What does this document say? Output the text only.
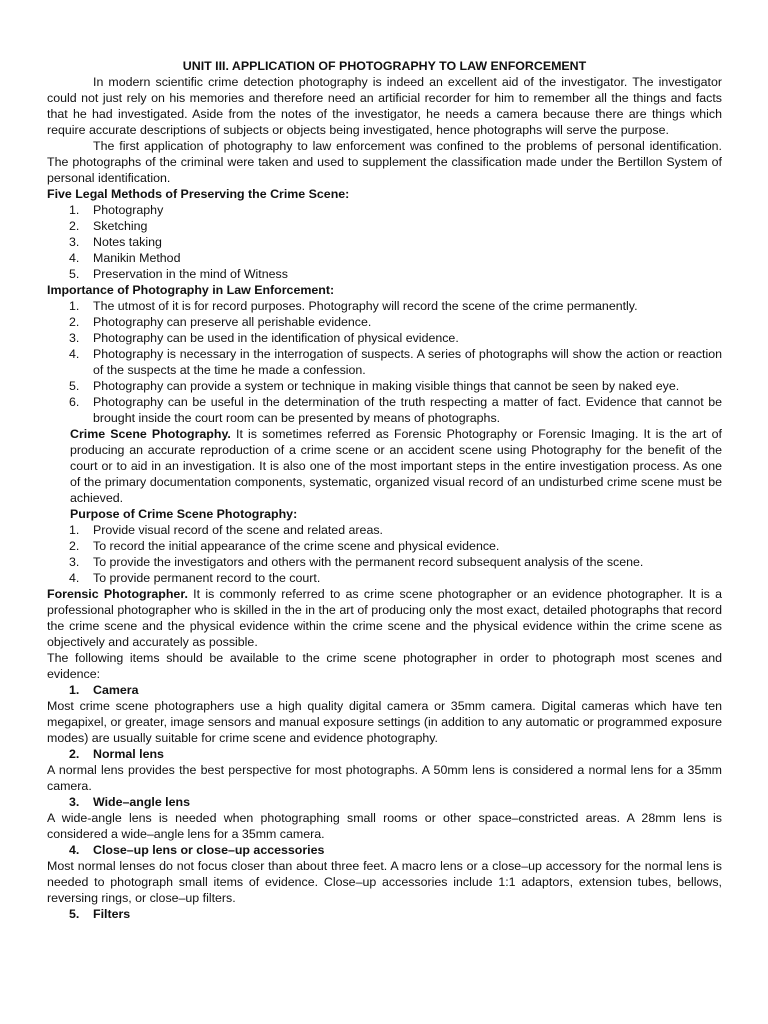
UNIT III. APPLICATION OF PHOTOGRAPHY TO LAW ENFORCEMENT

In modern scientific crime detection photography is indeed an excellent aid of the investigator. The investigator could not just rely on his memories and therefore need an artificial recorder for him to remember all the things and facts that he had investigated. Aside from the notes of the investigator, he needs a camera because there are things which require accurate descriptions of subjects or objects being investigated, hence photographs will serve the purpose.

The first application of photography to law enforcement was confined to the problems of personal identification. The photographs of the criminal were taken and used to supplement the classification made under the Bertillon System of personal identification.

Five Legal Methods of Preserving the Crime Scene:

1.	Photography
2.	Sketching
3.	Notes taking
4.	Manikin Method
5.	Preservation in the mind of Witness

Importance of Photography in Law Enforcement:

1.	The utmost of it is for record purposes. Photography will record the scene of the crime permanently.
2.	Photography can preserve all perishable evidence.
3.	Photography can be used in the identification of physical evidence.
4.	Photography is necessary in the interrogation of suspects. A series of photographs will show the action or reaction of the suspects at the time he made a confession.
5.	Photography can provide a system or technique in making visible things that cannot be seen by naked eye.
6.	Photography can be useful in the determination of the truth respecting a matter of fact. Evidence that cannot be brought inside the court room can be presented by means of photographs.

Crime Scene Photography. It is sometimes referred as Forensic Photography or Forensic Imaging. It is the art of producing an accurate reproduction of a crime scene or an accident scene using Photography for the benefit of the court or to aid in an investigation. It is also one of the most important steps in the entire investigation process. As one of the primary documentation components, systematic, organized visual record of an undisturbed crime scene must be achieved.

Purpose of Crime Scene Photography:

1.	Provide visual record of the scene and related areas.
2.	To record the initial appearance of the crime scene and physical evidence.
3.	To provide the investigators and others with the permanent record subsequent analysis of the scene.
4.	To provide permanent record to the court.

Forensic Photographer. It is commonly referred to as crime scene photographer or an evidence photographer. It is a professional photographer who is skilled in the in the art of producing only the most exact, detailed photographs that record the crime scene and the physical evidence within the crime scene and the physical evidence within the crime scene as objectively and accurately as possible.

The following items should be available to the crime scene photographer in order to photograph most scenes and evidence:

1. Camera

Most crime scene photographers use a high quality digital camera or 35mm camera. Digital cameras which have ten megapixel, or greater, image sensors and manual exposure settings (in addition to any automatic or programmed exposure modes) are usually suitable for crime scene and evidence photography.

2. Normal lens

A normal lens provides the best perspective for most photographs. A 50mm lens is considered a normal lens for a 35mm camera.

3. Wide–angle lens

A wide-angle lens is needed when photographing small rooms or other space–constricted areas. A 28mm lens is considered a wide–angle lens for a 35mm camera.

4. Close–up lens or close–up accessories

Most normal lenses do not focus closer than about three feet. A macro lens or a close–up accessory for the normal lens is needed to photograph small items of evidence. Close–up accessories include 1:1 adaptors, extension tubes, bellows, reversing rings, or close–up filters.

5. Filters
